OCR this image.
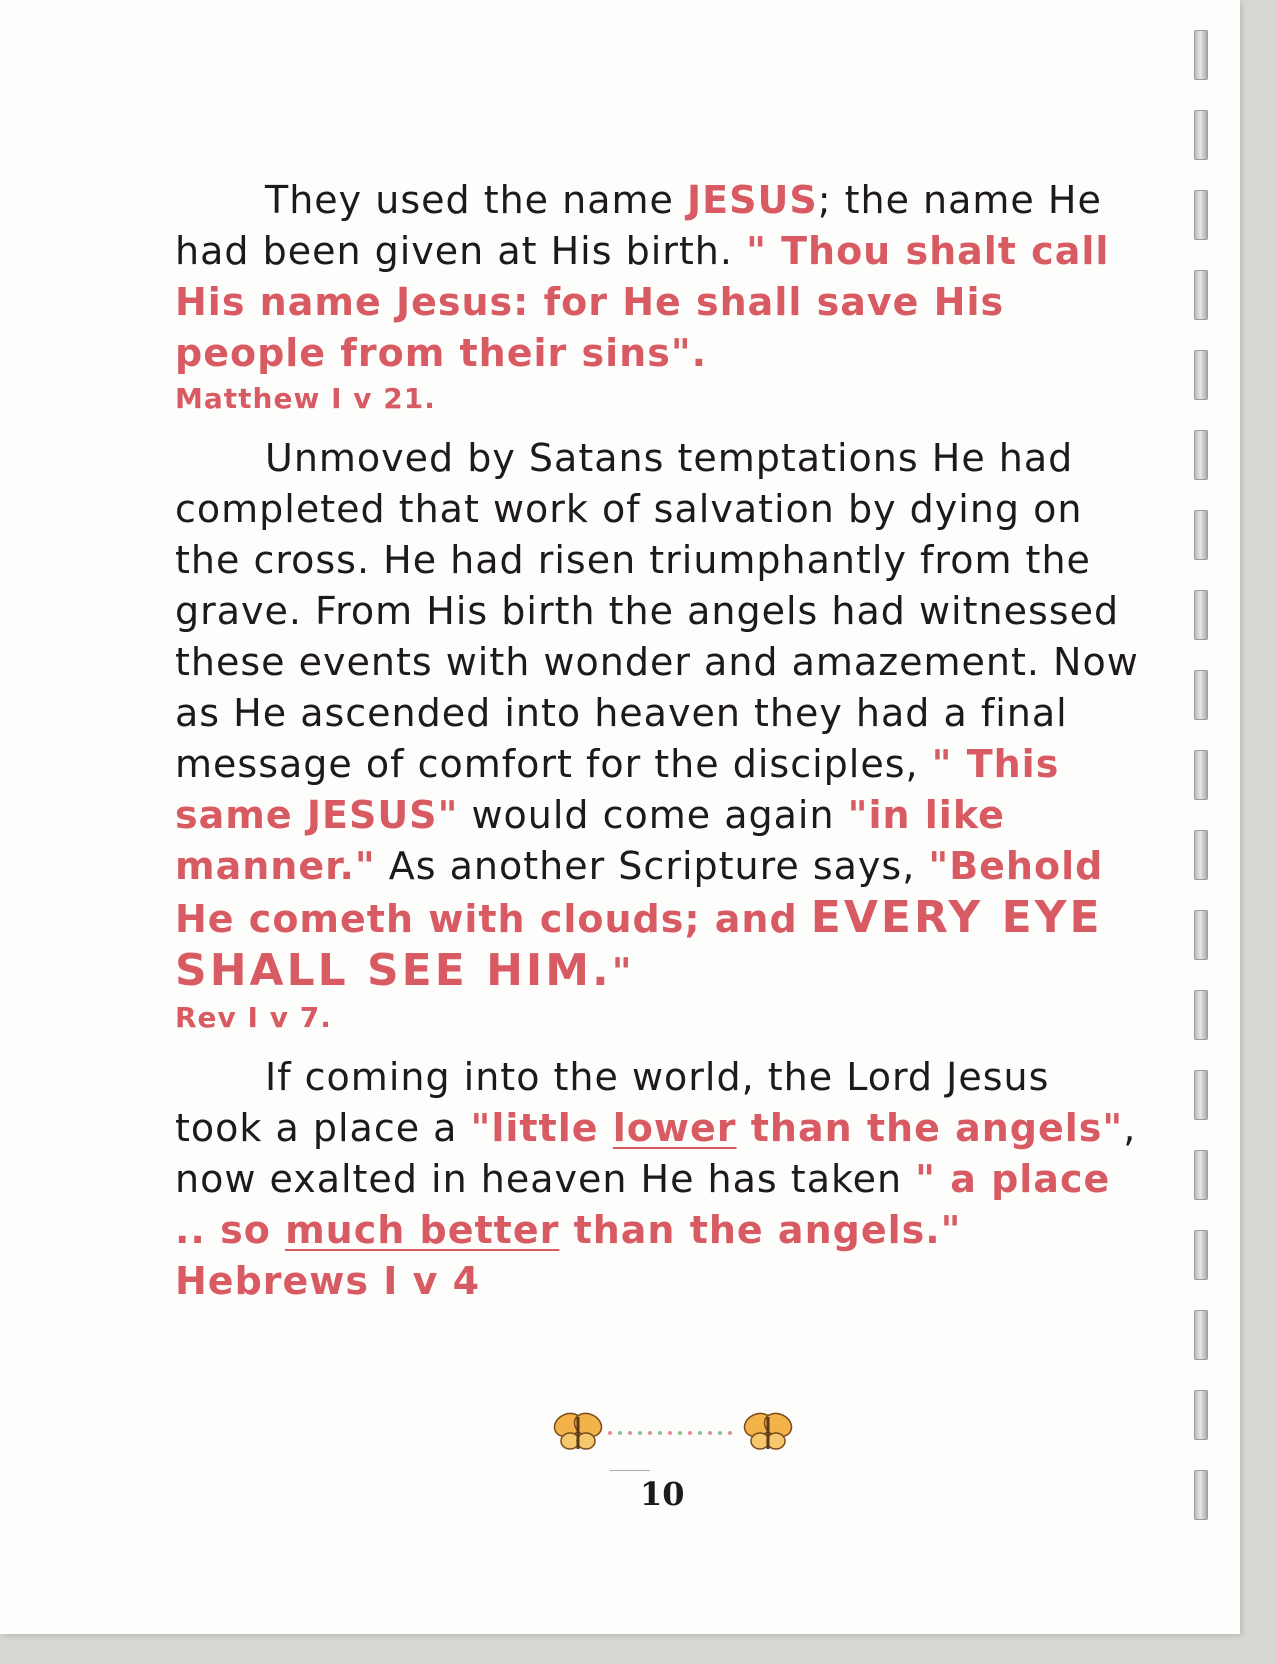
They used the name JESUS; the name He had been given at His birth. " Thou shalt call His name Jesus: for He shall save His people from their sins".
Matthew I v 21.

Unmoved by Satans temptations He had completed that work of salvation by dying on the cross. He had risen triumphantly from the grave. From His birth the angels had witnessed these events with wonder and amazement. Now as He ascended into heaven they had a final message of comfort for the disciples, " This same JESUS" would come again "in like manner." As another Scripture says, "Behold He cometh with clouds; and EVERY EYE SHALL SEE HIM."
Rev I v 7.

If coming into the world, the Lord Jesus took a place a "little lower than the angels", now exalted in heaven He has taken " a place .. so much better than the angels." Hebrews I v 4

10
